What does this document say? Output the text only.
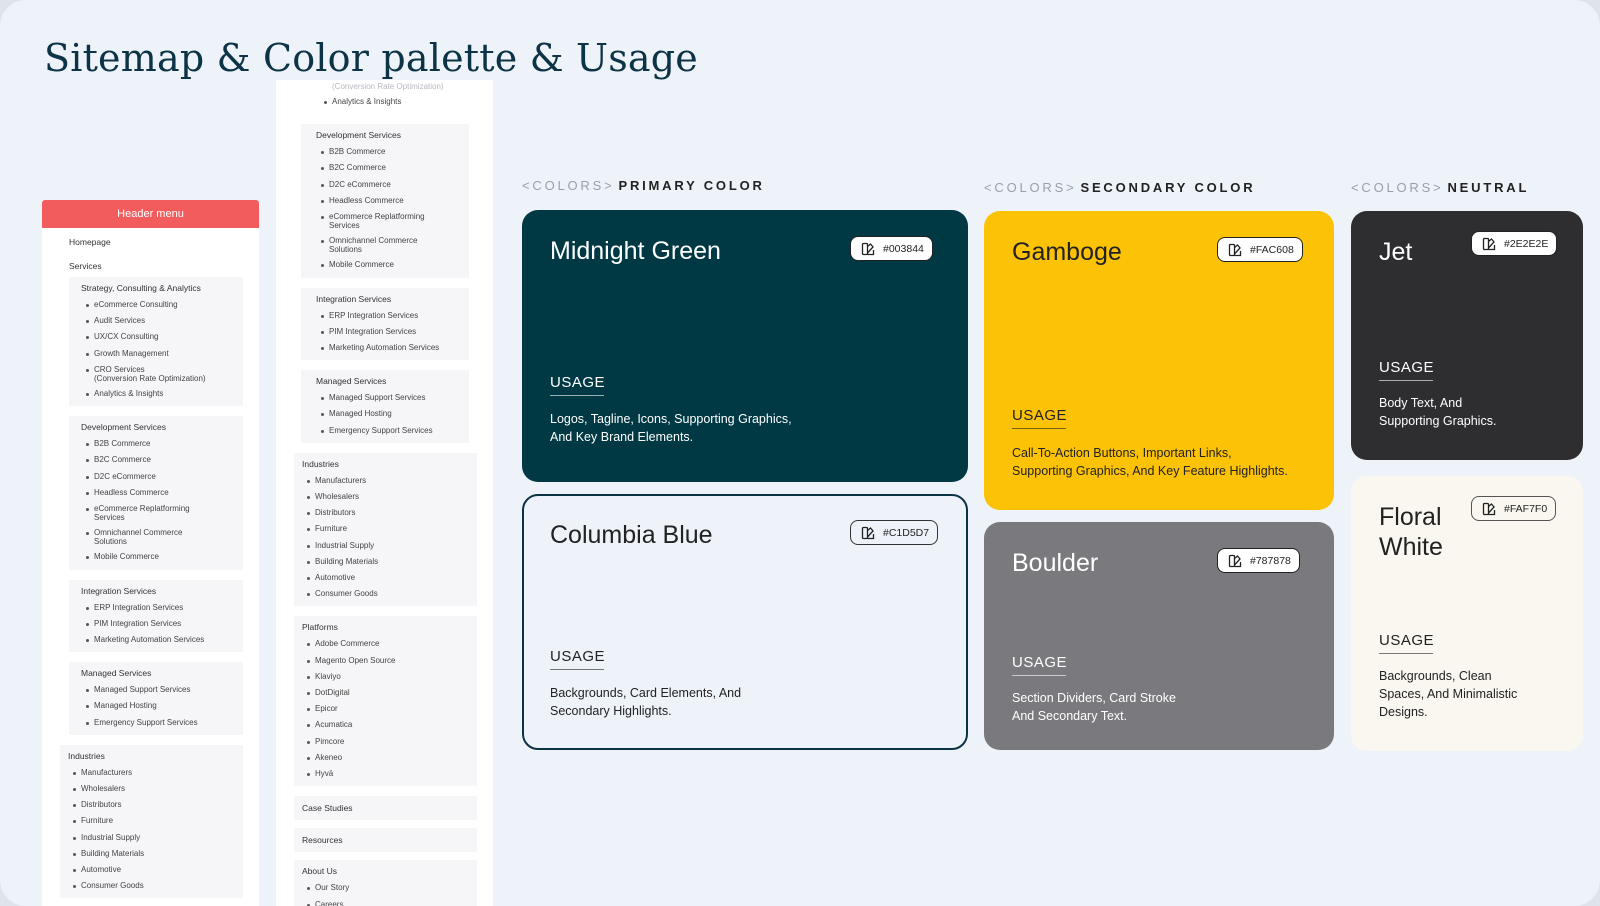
Sitemap & Color palette & Usage
Header menu
Homepage
Services
Strategy, Consulting & Analytics
eCommerce Consulting
Audit Services
UX/CX Consulting
Growth Management
CRO Services
(Conversion Rate Optimization)
Analytics & Insights
Development Services
B2B Commerce
B2C Commerce
D2C eCommerce
Headless Commerce
eCommerce Replatforming
Services
Omnichannel Commerce
Solutions
Mobile Commerce
Integration Services
ERP Integration Services
PIM Integration Services
Marketing Automation Services
Managed Services
Managed Support Services
Managed Hosting
Emergency Support Services
Industries
Manufacturers
Wholesalers
Distributors
Furniture
Industrial Supply
Building Materials
Automotive
Consumer Goods
(Conversion Rate Optimization)
Analytics & Insights
Development Services
B2B Commerce
B2C Commerce
D2C eCommerce
Headless Commerce
eCommerce Replatforming
Services
Omnichannel Commerce
Solutions
Mobile Commerce
Integration Services
ERP Integration Services
PIM Integration Services
Marketing Automation Services
Managed Services
Managed Support Services
Managed Hosting
Emergency Support Services
Industries
Manufacturers
Wholesalers
Distributors
Furniture
Industrial Supply
Building Materials
Automotive
Consumer Goods
Platforms
Adobe Commerce
Magento Open Source
Klaviyo
DotDigital
Epicor
Acumatica
Pimcore
Akeneo
Hyvä
Case Studies
Resources
About Us
Our Story
Careers
<COLORS> PRIMARY COLOR	<COLORS> SECONDARY COLOR	<COLORS> NEUTRAL
Midnight Green	#003844
USAGE
Logos, Tagline, Icons, Supporting Graphics,
And Key Brand Elements.
Columbia Blue	#C1D5D7
USAGE
Backgrounds, Card Elements, And
Secondary Highlights.
Gamboge	#FAC608
USAGE
Call-To-Action Buttons, Important Links,
Supporting Graphics, And Key Feature Highlights.
Boulder	#787878
USAGE
Section Dividers, Card Stroke
And Secondary Text.
Jet	#2E2E2E
USAGE
Body Text, And
Supporting Graphics.
Floral
White
#FAF7F0
USAGE
Backgrounds, Clean
Spaces, And Minimalistic
Designs.
